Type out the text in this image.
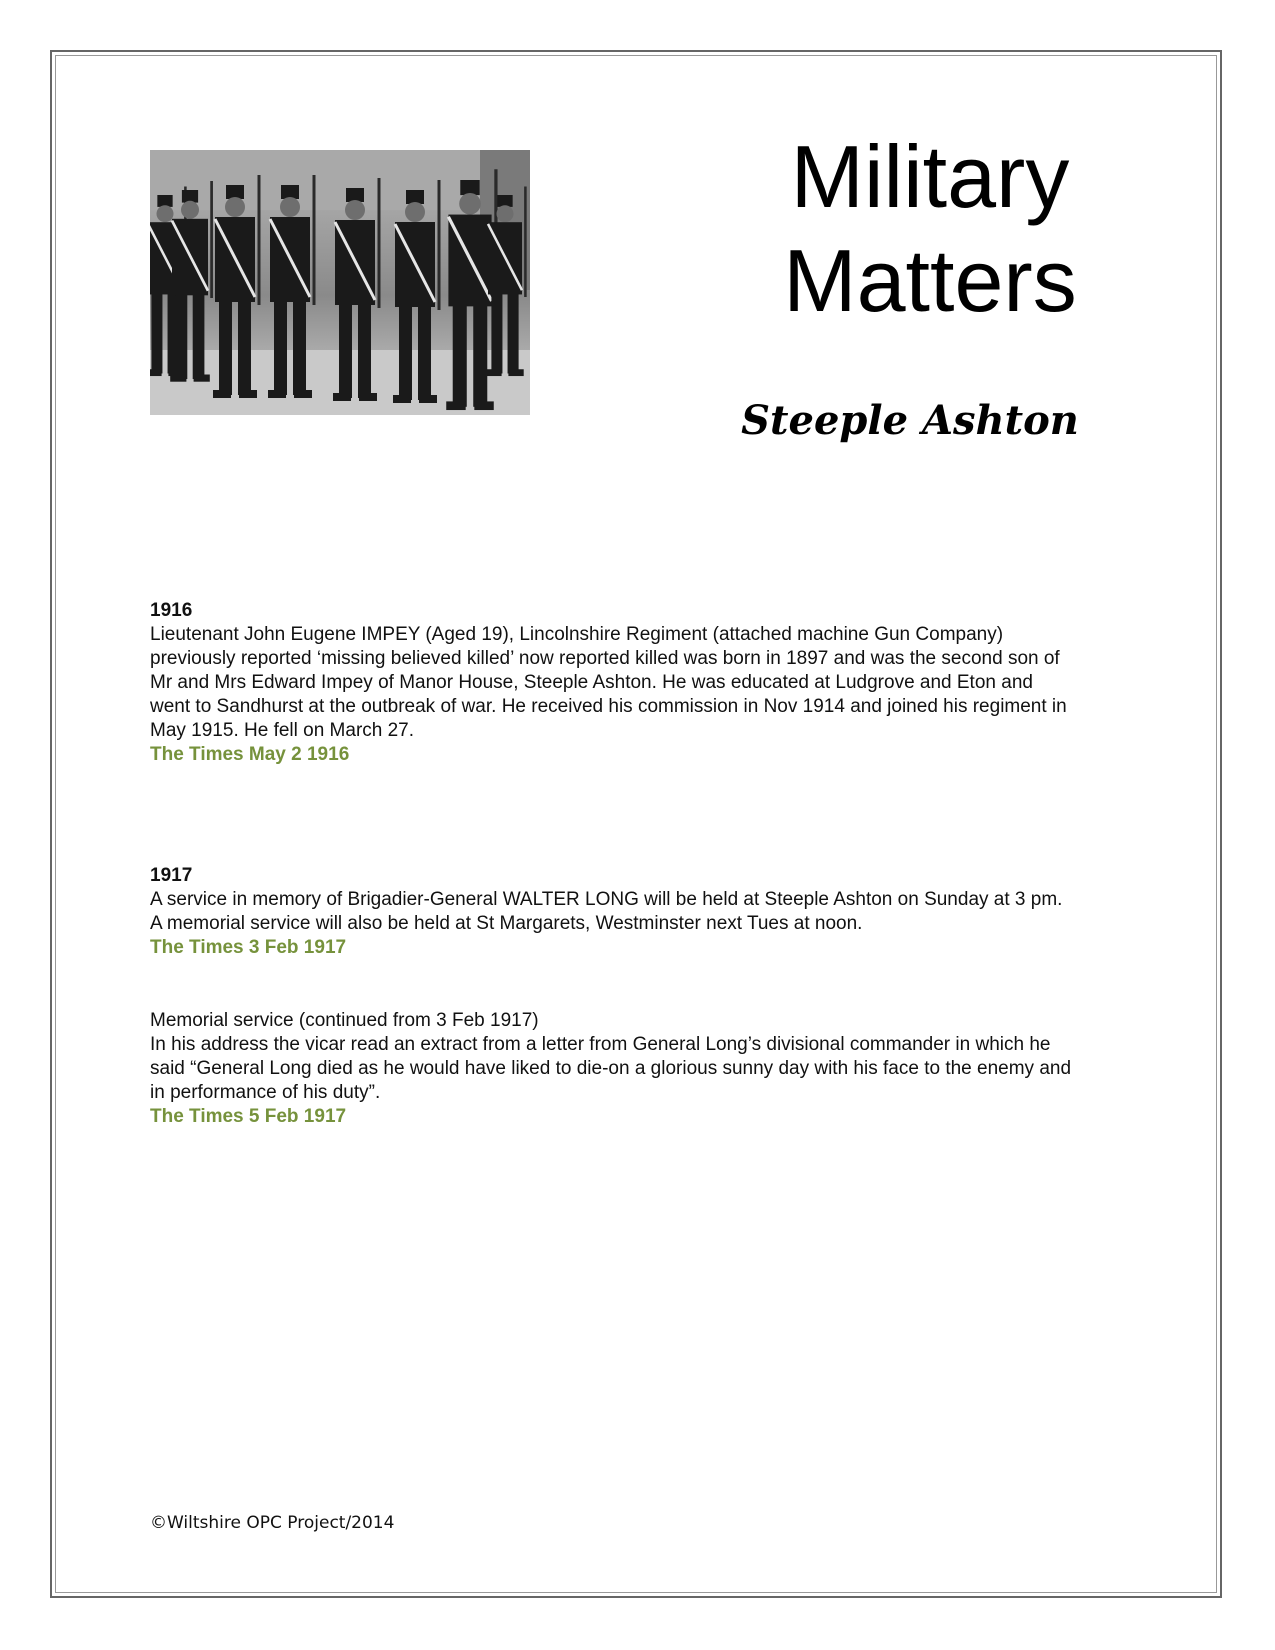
Military
Matters
Steeple Ashton

1916

Lieutenant John Eugene IMPEY (Aged 19), Lincolnshire Regiment (attached machine Gun Company)

previously reported ‘missing believed killed’ now reported killed was born in 1897 and was the second son of

Mr and Mrs Edward Impey of Manor House, Steeple Ashton. He was educated at Ludgrove and Eton and

went to Sandhurst at the outbreak of war. He received his commission in Nov 1914 and joined his regiment in

May 1915. He fell on March 27.

The Times May 2 1916

1917

A service in memory of Brigadier-General WALTER LONG will be held at Steeple Ashton on Sunday at 3 pm.

A memorial service will also be held at St Margarets, Westminster next Tues at noon.

The Times 3 Feb 1917

Memorial service (continued from 3 Feb 1917)

In his address the vicar read an extract from a letter from General Long’s divisional commander in which he

said “General Long died as he would have liked to die-on a glorious sunny day with his face to the enemy and

in performance of his duty”.

The Times 5 Feb 1917

©Wiltshire OPC Project/2014
